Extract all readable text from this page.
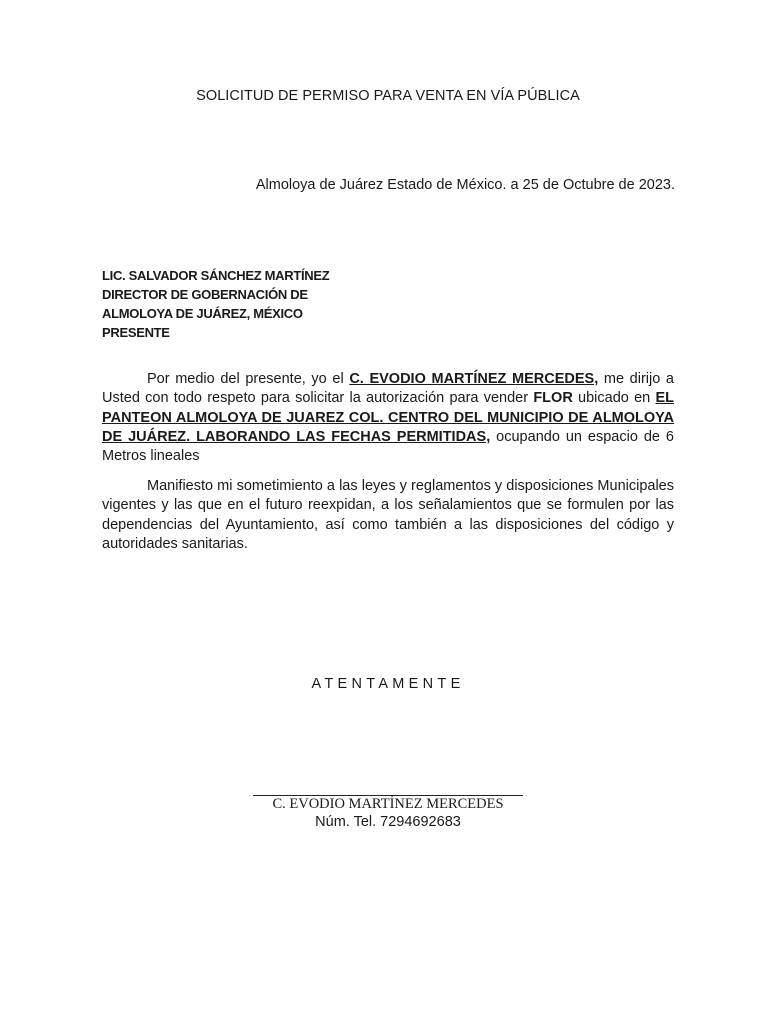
SOLICITUD DE PERMISO PARA VENTA EN VÍA PÚBLICA
Almoloya de Juárez Estado de México. a 25 de Octubre de 2023.
LIC. SALVADOR SÁNCHEZ MARTÍNEZ
DIRECTOR DE GOBERNACIÓN DE
ALMOLOYA DE JUÁREZ, MÉXICO
PRESENTE

Por medio del presente, yo el C. EVODIO MARTÍNEZ MERCEDES, me dirijo a Usted con todo respeto para solicitar la autorización para vender FLOR ubicado en EL PANTEON ALMOLOYA DE JUAREZ COL. CENTRO DEL MUNICIPIO DE ALMOLOYA DE JUÁREZ. LABORANDO LAS FECHAS PERMITIDAS, ocupando un espacio de 6 Metros lineales

Manifiesto mi sometimiento a las leyes y reglamentos y disposiciones Municipales vigentes y las que en el futuro reexpidan, a los señalamientos que se formulen por las dependencias del Ayuntamiento, así como también a las disposiciones del código y autoridades sanitarias.

ATENTAMENTE
C. EVODIO MARTÍNEZ MERCEDES
Núm. Tel. 7294692683
